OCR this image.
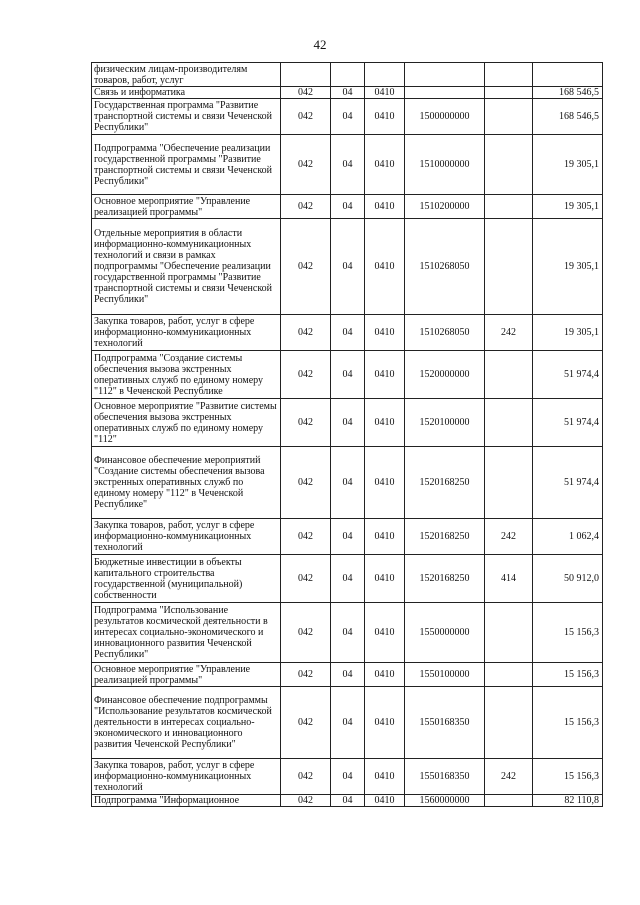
42
физическим лицам-производителям товаров, работ, услуг						
Связь и информатика	042	04	0410			168 546,5
Государственная программа "Развитие транспортной системы и связи Чеченской Республики"	042	04	0410	1500000000		168 546,5
Подпрограмма "Обеспечение реализации государственной программы "Развитие транспортной системы и связи Чеченской Республики"	042	04	0410	1510000000		19 305,1
Основное мероприятие "Управление реализацией программы"	042	04	0410	1510200000		19 305,1
Отдельные мероприятия в области информационно-коммуникационных технологий и связи в рамках подпрограммы "Обеспечение реализации государственной программы "Развитие транспортной системы и связи Чеченской Республики"	042	04	0410	1510268050		19 305,1
Закупка товаров, работ, услуг в сфере информационно-коммуникационных технологий	042	04	0410	1510268050	242	19 305,1
Подпрограмма "Создание системы обеспечения вызова экстренных оперативных служб по единому номеру "112" в Чеченской Республике	042	04	0410	1520000000		51 974,4
Основное мероприятие "Развитие системы обеспечения вызова экстренных оперативных служб по единому номеру "112"	042	04	0410	1520100000		51 974,4
Финансовое обеспечение мероприятий "Создание системы обеспечения вызова экстренных оперативных служб по единому номеру "112" в Чеченской Республике"	042	04	0410	1520168250		51 974,4
Закупка товаров, работ, услуг в сфере информационно-коммуникационных технологий	042	04	0410	1520168250	242	1 062,4
Бюджетные инвестиции в объекты капитального строительства государственной (муниципальной) собственности	042	04	0410	1520168250	414	50 912,0
Подпрограмма "Использование результатов космической деятельности в интересах социально-экономического и инновационного развития Чеченской Республики"	042	04	0410	1550000000		15 156,3
Основное мероприятие "Управление реализацией программы"	042	04	0410	1550100000		15 156,3
Финансовое обеспечение подпрограммы "Использование результатов космической деятельности в интересах социально-экономического и инновационного развития Чеченской Республики"	042	04	0410	1550168350		15 156,3
Закупка товаров, работ, услуг в сфере информационно-коммуникационных технологий	042	04	0410	1550168350	242	15 156,3
Подпрограмма "Информационное	042	04	0410	1560000000		82 110,8
